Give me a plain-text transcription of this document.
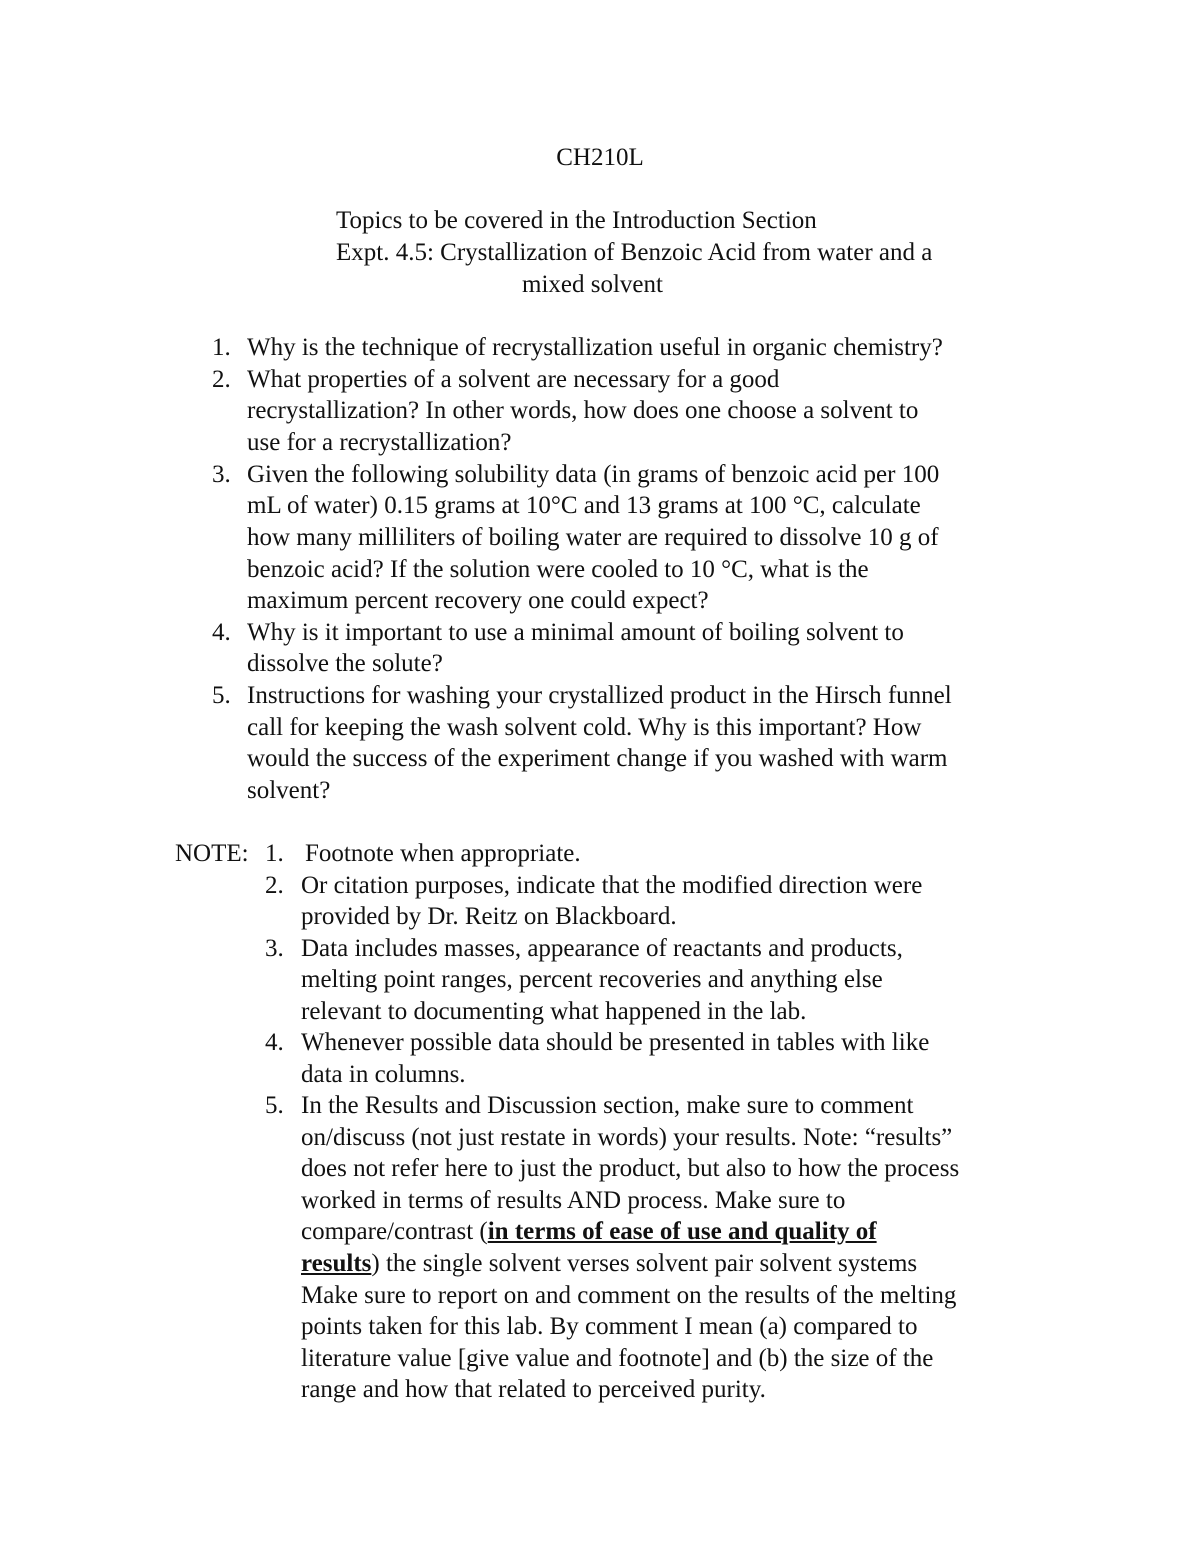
CH210L
Topics to be covered in the Introduction Section
Expt. 4.5: Crystallization of Benzoic Acid from water and a
mixed solvent
1. Why is the technique of recrystallization useful in organic chemistry?
2. What properties of a solvent are necessary for a good
recrystallization? In other words, how does one choose a solvent to
use for a recrystallization?
3. Given the following solubility data (in grams of benzoic acid per 100
mL of water) 0.15 grams at 10°C and 13 grams at 100 °C, calculate
how many milliliters of boiling water are required to dissolve 10 g of
benzoic acid? If the solution were cooled to 10 °C, what is the
maximum percent recovery one could expect?
4. Why is it important to use a minimal amount of boiling solvent to
dissolve the solute?
5. Instructions for washing your crystallized product in the Hirsch funnel
call for keeping the wash solvent cold. Why is this important? How
would the success of the experiment change if you washed with warm
solvent?
NOTE: 1. Footnote when appropriate.
2. Or citation purposes, indicate that the modified direction were
provided by Dr. Reitz on Blackboard.
3. Data includes masses, appearance of reactants and products,
melting point ranges, percent recoveries and anything else
relevant to documenting what happened in the lab.
4. Whenever possible data should be presented in tables with like
data in columns.
5. In the Results and Discussion section, make sure to comment
on/discuss (not just restate in words) your results. Note: “results”
does not refer here to just the product, but also to how the process
worked in terms of results AND process. Make sure to
compare/contrast (in terms of ease of use and quality of
results) the single solvent verses solvent pair solvent systems
Make sure to report on and comment on the results of the melting
points taken for this lab. By comment I mean (a) compared to
literature value [give value and footnote] and (b) the size of the
range and how that related to perceived purity.
